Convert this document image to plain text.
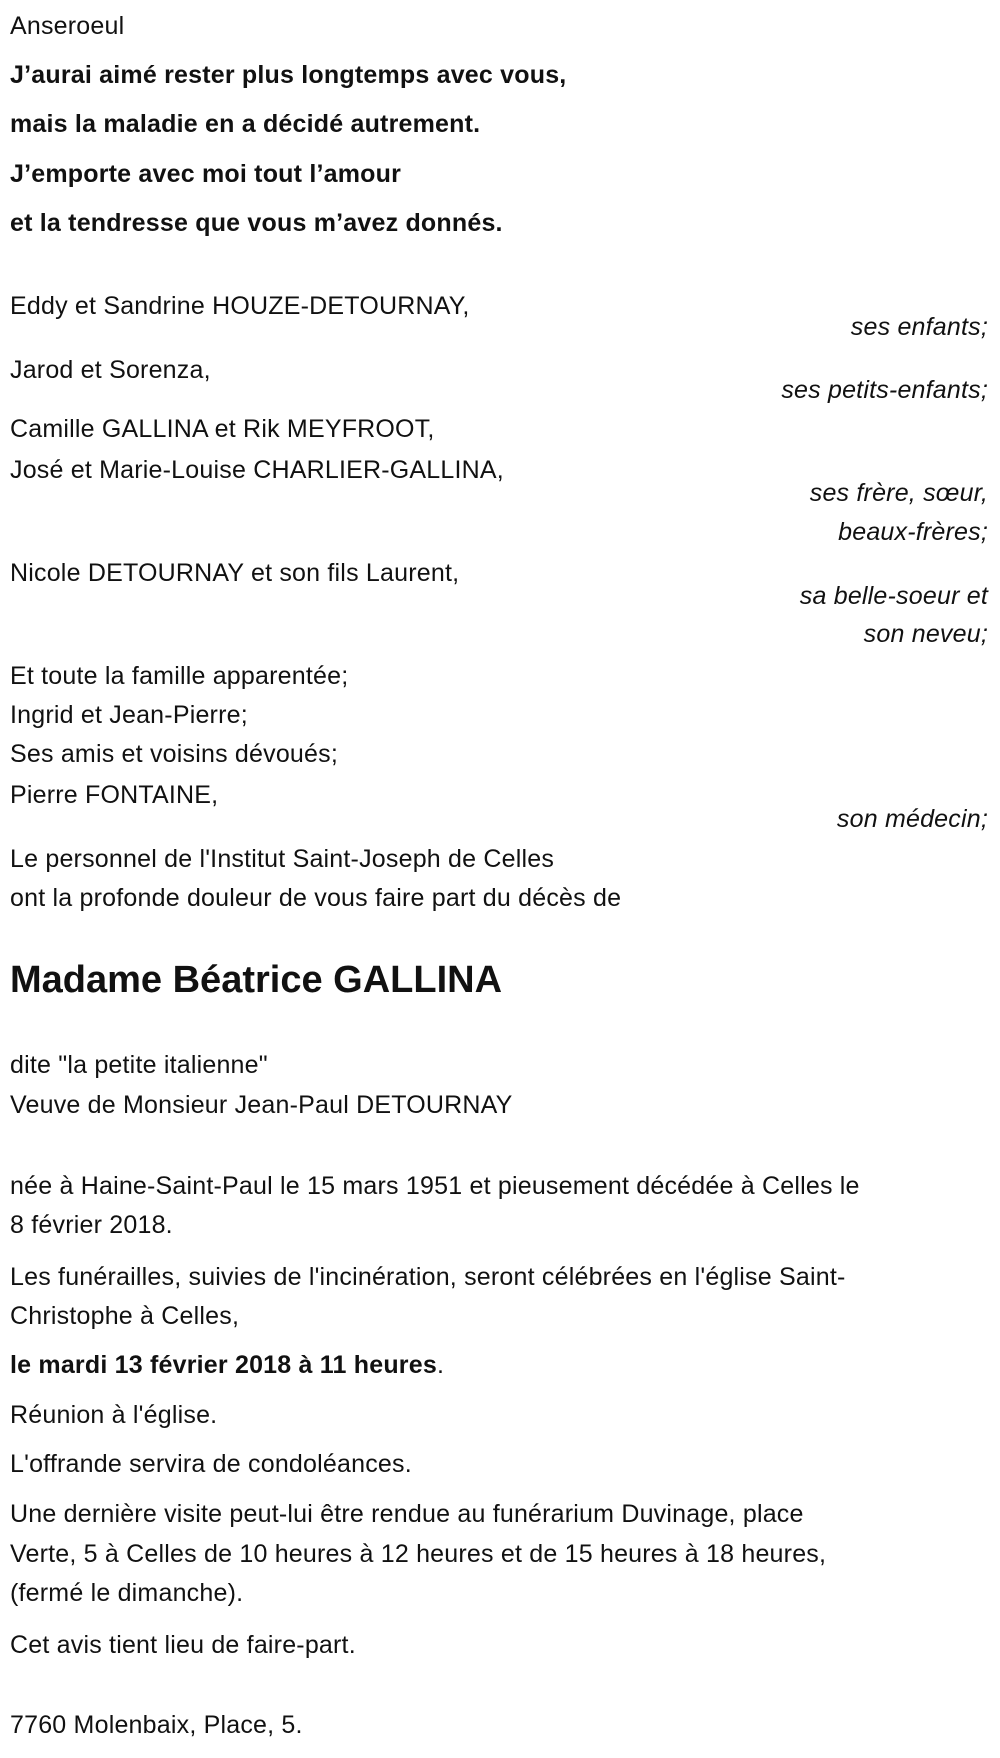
Anseroeul
J’aurai aimé rester plus longtemps avec vous,
mais la maladie en a décidé autrement.
J’emporte avec moi tout l’amour
et la tendresse que vous m’avez donnés.
Eddy et Sandrine HOUZE-DETOURNAY,
ses enfants;
Jarod et Sorenza,
ses petits-enfants;
Camille GALLINA et Rik MEYFROOT,
José et Marie-Louise CHARLIER-GALLINA,
ses frère, sœur,
beaux-frères;
Nicole DETOURNAY et son fils Laurent,
sa belle-soeur et
son neveu;
Et toute la famille apparentée;
Ingrid et Jean-Pierre;
Ses amis et voisins dévoués;
Pierre FONTAINE,
son médecin;
Le personnel de l'Institut Saint-Joseph de Celles
ont la profonde douleur de vous faire part du décès de
Madame Béatrice GALLINA
dite "la petite italienne"
Veuve de Monsieur Jean-Paul DETOURNAY
née à Haine-Saint-Paul le 15 mars 1951 et pieusement décédée à Celles le
8 février 2018.
Les funérailles, suivies de l'incinération, seront célébrées en l'église Saint-
Christophe à Celles,
le mardi 13 février 2018 à 11 heures.
Réunion à l'église.
L'offrande servira de condoléances.
Une dernière visite peut-lui être rendue au funérarium Duvinage, place
Verte, 5 à Celles de 10 heures à 12 heures et de 15 heures à 18 heures,
(fermé le dimanche).
Cet avis tient lieu de faire-part.
7760 Molenbaix, Place, 5.
